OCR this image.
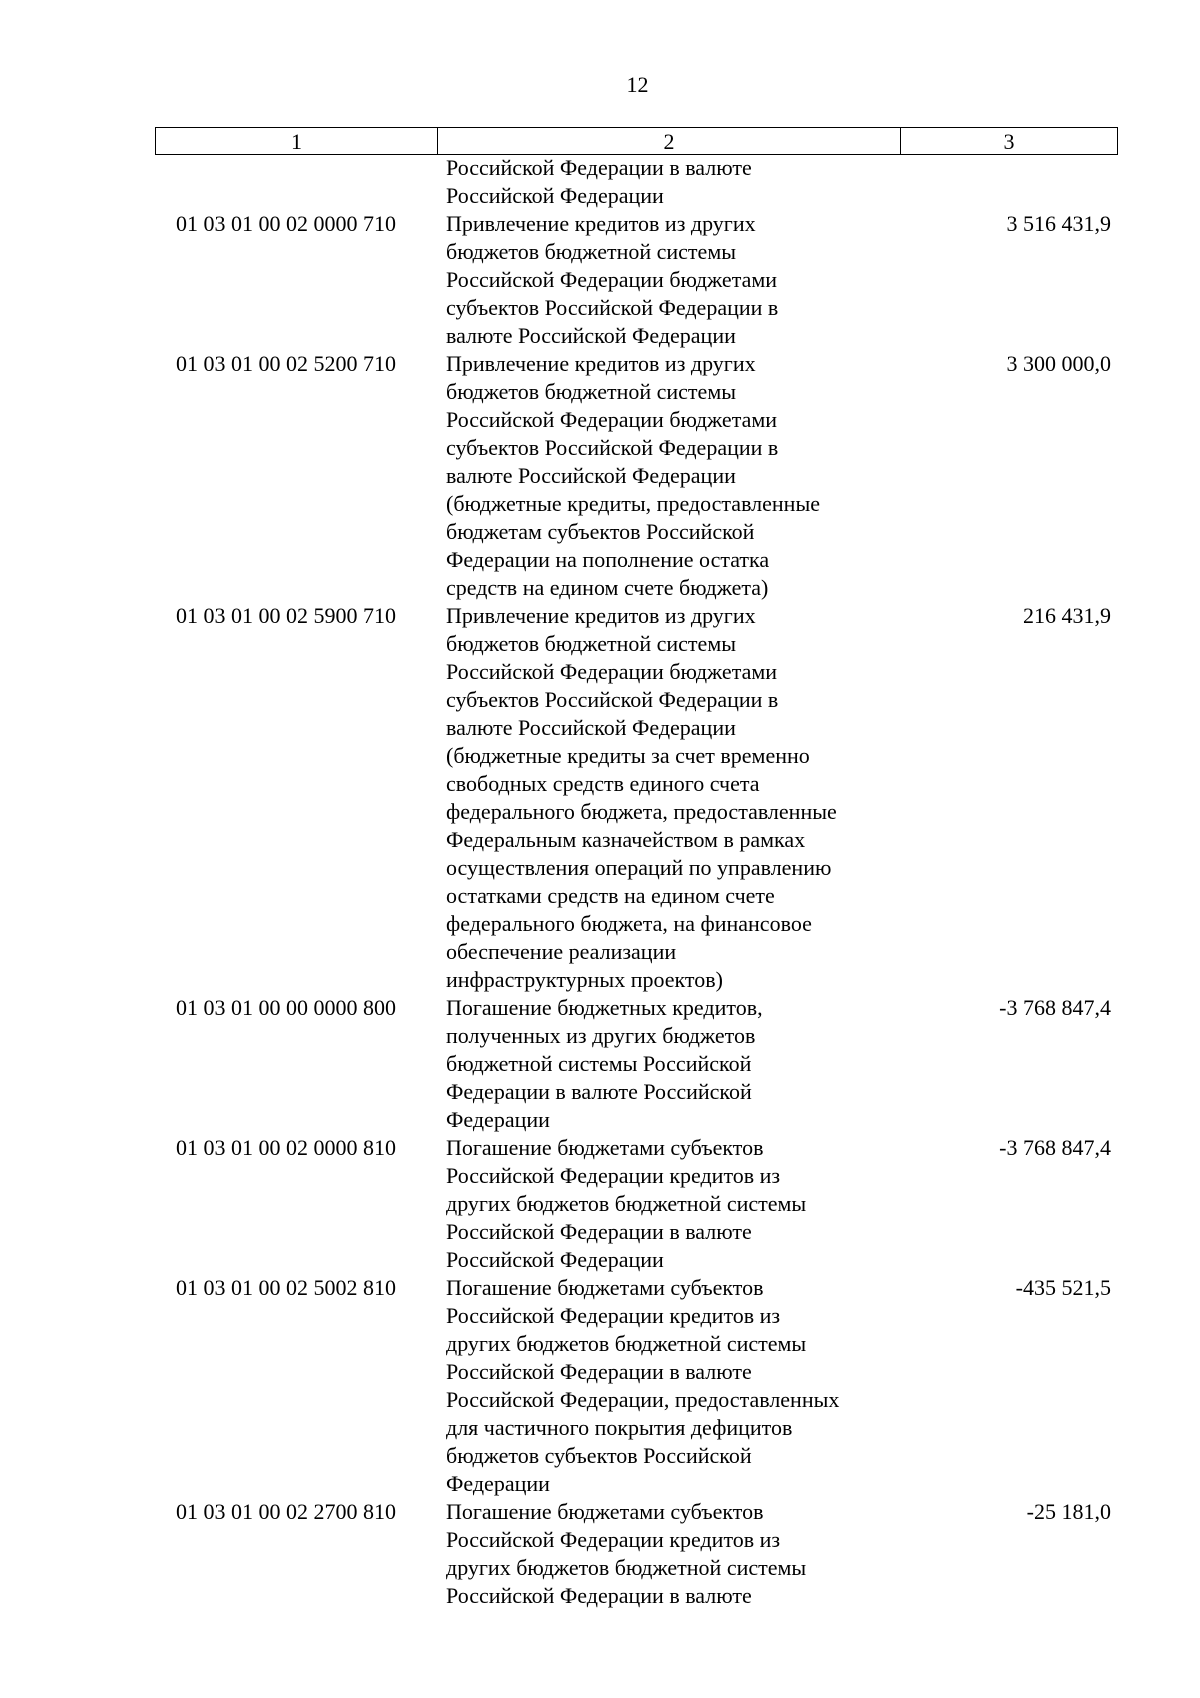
12
1	2	3
Российской Федерации в валюте
Российской Федерации
01 03 01 00 02 0000 710	Привлечение кредитов из других
бюджетов бюджетной системы
Российской Федерации бюджетами
субъектов Российской Федерации в
валюте Российской Федерации
3 516 431,9
01 03 01 00 02 5200 710	Привлечение кредитов из других
бюджетов бюджетной системы
Российской Федерации бюджетами
субъектов Российской Федерации в
валюте Российской Федерации
(бюджетные кредиты, предоставленные
бюджетам субъектов Российской
Федерации на пополнение остатка
средств на едином счете бюджета)
3 300 000,0
01 03 01 00 02 5900 710	Привлечение кредитов из других
бюджетов бюджетной системы
Российской Федерации бюджетами
субъектов Российской Федерации в
валюте Российской Федерации
(бюджетные кредиты за счет временно
свободных средств единого счета
федерального бюджета, предоставленные
Федеральным казначейством в рамках
осуществления операций по управлению
остатками средств на едином счете
федерального бюджета, на финансовое
обеспечение реализации
инфраструктурных проектов)
216 431,9
01 03 01 00 00 0000 800	Погашение бюджетных кредитов,
полученных из других бюджетов
бюджетной системы Российской
Федерации в валюте Российской
Федерации
-3 768 847,4
01 03 01 00 02 0000 810	Погашение бюджетами субъектов
Российской Федерации кредитов из
других бюджетов бюджетной системы
Российской Федерации в валюте
Российской Федерации
-3 768 847,4
01 03 01 00 02 5002 810	Погашение бюджетами субъектов
Российской Федерации кредитов из
других бюджетов бюджетной системы
Российской Федерации в валюте
Российской Федерации, предоставленных
для частичного покрытия дефицитов
бюджетов субъектов Российской
Федерации
-435 521,5
01 03 01 00 02 2700 810	Погашение бюджетами субъектов
Российской Федерации кредитов из
других бюджетов бюджетной системы
Российской Федерации в валюте
-25 181,0
